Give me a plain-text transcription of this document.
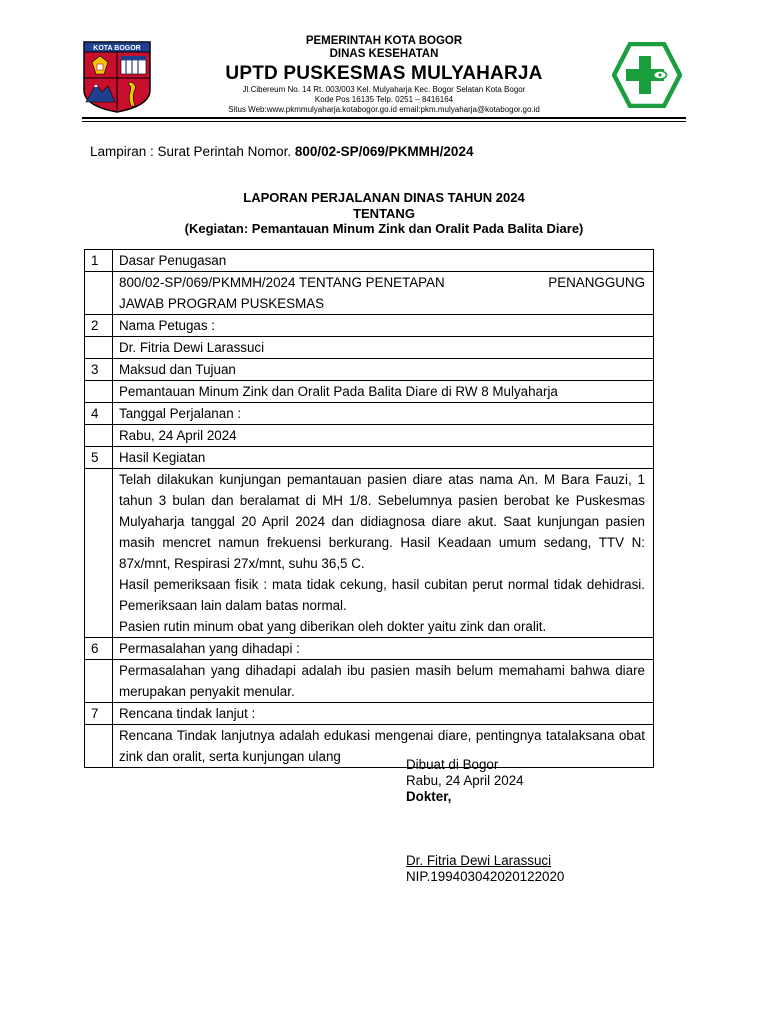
KOTA BOGOR
PEMERINTAH KOTA BOGOR
DINAS KESEHATAN
UPTD PUSKESMAS MULYAHARJA
Jl.Cibereum No. 14 Rt. 003/003 Kel. Mulyaharja Kec. Bogor Selatan Kota Bogor
Kode Pos 16135 Telp. 0251 – 8416164
Situs Web:www.pkmmulyaharja.kotabogor.go.id email:pkm.mulyaharja@kotabogor.go.id
Lampiran : Surat Perintah Nomor. 800/02-SP/069/PKMMH/2024
LAPORAN PERJALANAN DINAS TAHUN 2024
TENTANG
(Kegiatan: Pemantauan Minum Zink dan Oralit Pada Balita Diare)
1	Dasar Penugasan

	800/02-SP/069/PKMMH/2024 TENTANG PENETAPAN PENANGGUNG
JAWAB PROGRAM PUSKESMAS

2	Nama Petugas :
	Dr. Fitria Dewi Larassuci
3	Maksud dan Tujuan
	Pemantauan Minum Zink dan Oralit Pada Balita Diare di RW 8 Mulyaharja
4	Tanggal Perjalanan :
	Rabu, 24 April 2024
5	Hasil Kegiatan

	Telah dilakukan kunjungan pemantauan pasien diare atas nama An. M Bara Fauzi, 1 tahun 3 bulan dan beralamat di MH 1/8. Sebelumnya pasien berobat ke Puskesmas Mulyaharja tanggal 20 April 2024 dan didiagnosa diare akut. Saat kunjungan pasien masih mencret namun frekuensi berkurang. Hasil Keadaan umum sedang, TTV N: 87x/mnt, Respirasi 27x/mnt, suhu 36,5 C.
Hasil pemeriksaan fisik : mata tidak cekung, hasil cubitan perut normal tidak dehidrasi. Pemeriksaan lain dalam batas normal.
Pasien rutin minum obat yang diberikan oleh dokter yaitu zink dan oralit.

6	Permasalahan yang dihadapi :
	Permasalahan yang dihadapi adalah ibu pasien masih belum memahami bahwa diare merupakan penyakit menular.
7	Rencana tindak lanjut :
	Rencana Tindak lanjutnya adalah edukasi mengenai diare, pentingnya tatalaksana obat zink dan oralit, serta kunjungan ulang
Dibuat di Bogor
Rabu, 24 April 2024
Dokter,
Dr. Fitria Dewi Larassuci
NIP.199403042020122020
